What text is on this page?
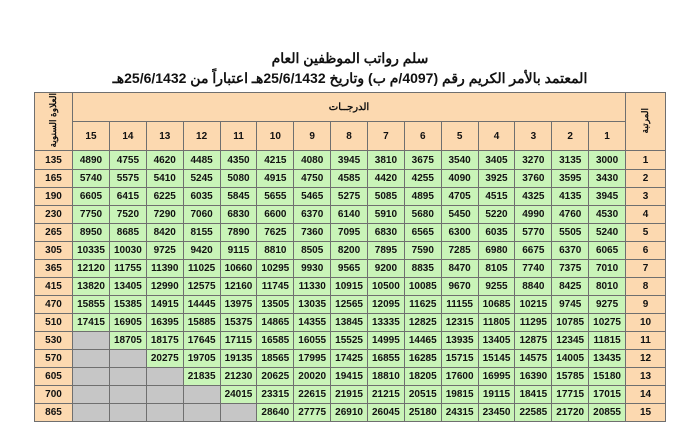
سلم رواتب الموظفين العام
المعتمد بالأمر الكريم رقم (4097/م ب) وتاريخ 25/6/1432هـ اعتباراً من 25/6/1432هـ
المرتبة	الدرجــات															العلاوة السنوية
	1	2	3	4	5	6	7	8	9	10	11	12	13	14	15	
1	3000	3135	3270	3405	3540	3675	3810	3945	4080	4215	4350	4485	4620	4755	4890	135
2	3430	3595	3760	3925	4090	4255	4420	4585	4750	4915	5080	5245	5410	5575	5740	165
3	3945	4135	4325	4515	4705	4895	5085	5275	5465	5655	5845	6035	6225	6415	6605	190
4	4530	4760	4990	5220	5450	5680	5910	6140	6370	6600	6830	7060	7290	7520	7750	230
5	5240	5505	5770	6035	6300	6565	6830	7095	7360	7625	7890	8155	8420	8685	8950	265
6	6065	6370	6675	6980	7285	7590	7895	8200	8505	8810	9115	9420	9725	10030	10335	305
7	7010	7375	7740	8105	8470	8835	9200	9565	9930	10295	10660	11025	11390	11755	12120	365
8	8010	8425	8840	9255	9670	10085	10500	10915	11330	11745	12160	12575	12990	13405	13820	415
9	9275	9745	10215	10685	11155	11625	12095	12565	13035	13505	13975	14445	14915	15385	15855	470
10	10275	10785	11295	11805	12315	12825	13335	13845	14355	14865	15375	15885	16395	16905	17415	510
11	11815	12345	12875	13405	13935	14465	14995	15525	16055	16585	17115	17645	18175	18705		530
12	13435	14005	14575	15145	15715	16285	16855	17425	17995	18565	19135	19705	20275			570
13	15180	15785	16390	16995	17600	18205	18810	19415	20020	20625	21230	21835				605
14	17015	17715	18415	19115	19815	20515	21215	21915	22615	23315	24015					700
15	20855	21720	22585	23450	24315	25180	26045	26910	27775	28640						865
